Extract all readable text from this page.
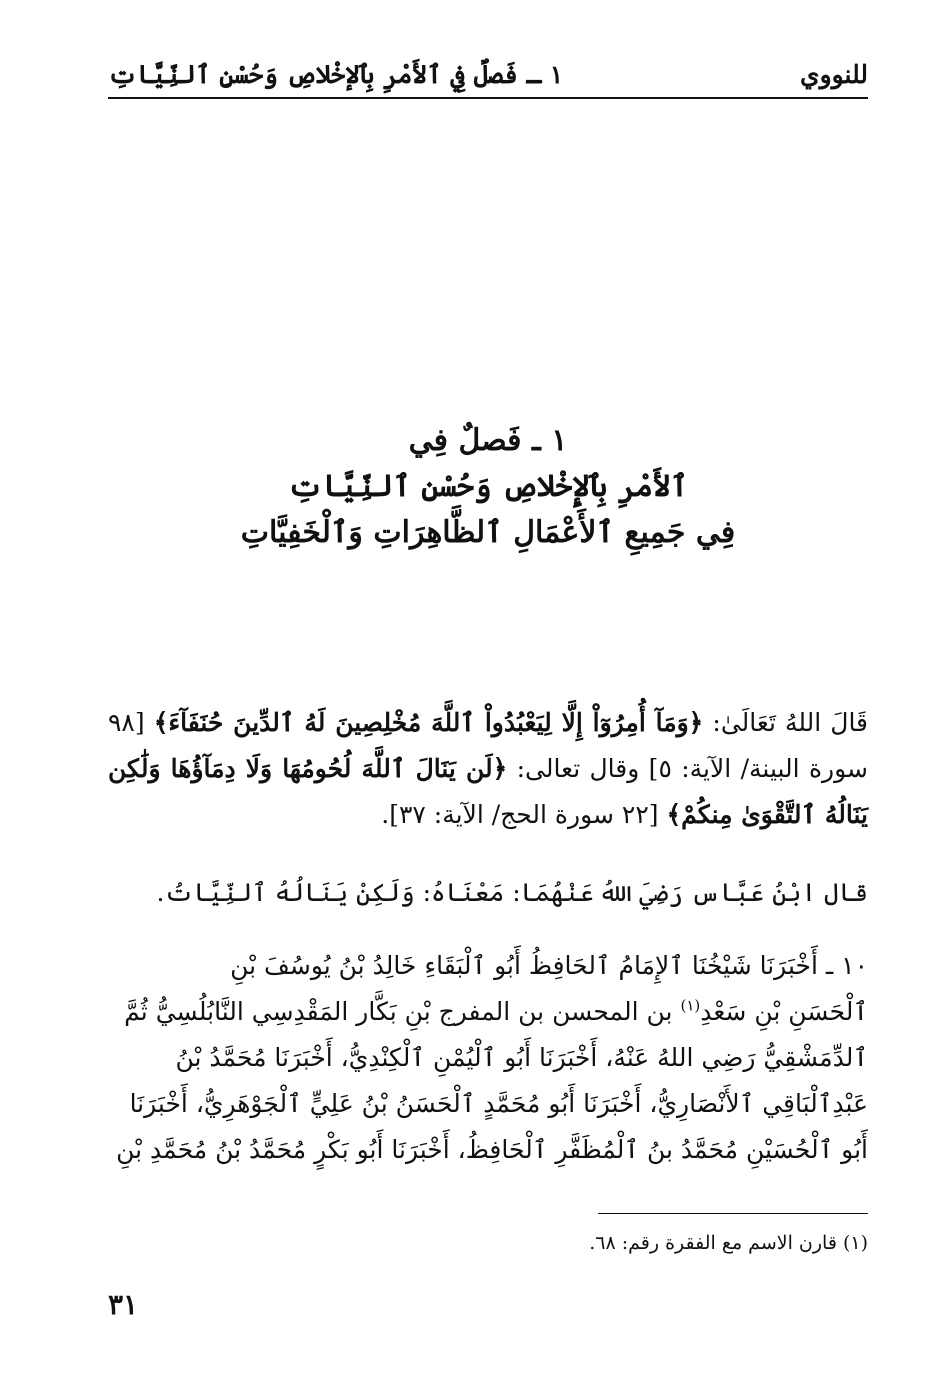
للنووي
١ ـ فَصلٌ فِي ٱلأَمْرِ بِٱلإخْلاصِ وَحُسْنِ ٱلنِّيَّاتِ
١ ـ فَصلٌ فِي
ٱلأَمْرِ بِٱلإِخْلاصِ وَحُسْنِ ٱلنِّيَّاتِ
فِي جَمِيعِ ٱلأَعْمَالِ ٱلظَّاهِرَاتِ وَٱلْخَفِيَّاتِ
قَالَ اللهُ تَعَالَىٰ: ﴿وَمَآ أُمِرُوٓاْ إِلَّا لِيَعْبُدُواْ ٱللَّهَ مُخْلِصِينَ لَهُ ٱلدِّينَ حُنَفَآءَ﴾ [٩٨ سورة البينة/ الآية: ٥] وقال تعالى: ﴿لَن يَنَالَ ٱللَّهَ لُحُومُهَا وَلَا دِمَآؤُهَا وَلَٰكِن يَنَالُهُ ٱلتَّقْوَىٰ مِنكُمْ﴾ [٢٢ سورة الحج/ الآية: ٣٧].
قال ابْنُ عَبَّاس رَضِيَ اللهُ عَنْهُمَا: مَعْنَاهُ: وَلَكِنْ يَنَالُهُ ٱلنِّيَّاتُ.
١٠ ـ أَخْبَرَنَا شَيْخُنَا ٱلإِمَامُ ٱلحَافِظُ أَبُو ٱلْبَقَاءِ خَالِدُ بْنُ يُوسُفَ بْنِ
ٱلْحَسَنِ بْنِ سَعْدِ$^{(١)}$ بن المحسن بن المفرج بْنِ بَكَّار المَقْدِسِي النَّابُلُسِيُّ ثُمَّ
ٱلدِّمَشْقِيُّ رَضِي اللهُ عَنْهُ، أَخْبَرَنَا أَبُو ٱلْيُمْنِ ٱلْكِنْدِيُّ، أَخْبَرَنَا مُحَمَّدُ بْنُ
عَبْدِٱلْبَاقِي ٱلأَنْصَارِيُّ، أَخْبَرَنَا أَبُو مُحَمَّدٍ ٱلْحَسَنُ بْنُ عَلِيٍّ ٱلْجَوْهَرِيُّ، أَخْبَرَنَا
أَبُو ٱلْحُسَيْنِ مُحَمَّدُ بنُ ٱلْمُظَفَّرِ ٱلْحَافِظُ، أَخْبَرَنَا أَبُو بَكْرٍ مُحَمَّدُ بْنُ مُحَمَّدِ بْنِ
(١) قارن الاسم مع الفقرة رقم: ٦٨.
٣١
